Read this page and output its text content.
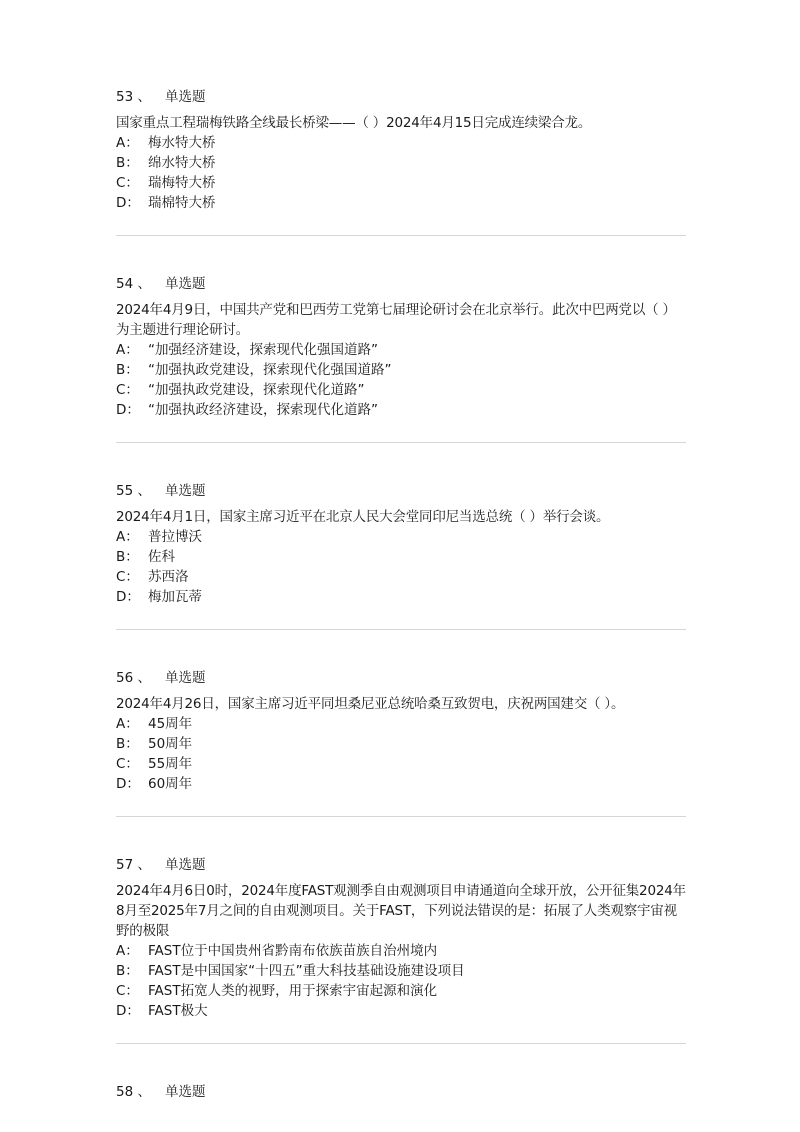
53 、 单选题
国家重点工程瑞梅铁路全线最长桥梁——（ ）2024年4月15日完成连续梁合龙。
A： 梅水特大桥
B： 绵水特大桥
C： 瑞梅特大桥
D： 瑞棉特大桥
54 、 单选题
2024年4月9日，中国共产党和巴西劳工党第七届理论研讨会在北京举行。此次中巴两党以（ ）为主题进行理论研讨。
A： “加强经济建设，探索现代化强国道路”
B： “加强执政党建设，探索现代化强国道路”
C： “加强执政党建设，探索现代化道路”
D： “加强执政经济建设，探索现代化道路”
55 、 单选题
2024年4月1日，国家主席习近平在北京人民大会堂同印尼当选总统（ ）举行会谈。
A： 普拉博沃
B： 佐科
C： 苏西洛
D： 梅加瓦蒂
56 、 单选题
2024年4月26日，国家主席习近平同坦桑尼亚总统哈桑互致贺电，庆祝两国建交（ ）。
A： 45周年
B： 50周年
C： 55周年
D： 60周年
57 、 单选题
2024年4月6日0时，2024年度FAST观测季自由观测项目申请通道向全球开放，公开征集2024年8月至2025年7月之间的自由观测项目。关于FAST，下列说法错误的是：拓展了人类观察宇宙视野的极限
A： FAST位于中国贵州省黔南布依族苗族自治州境内
B： FAST是中国国家“十四五”重大科技基础设施建设项目
C： FAST拓宽人类的视野，用于探索宇宙起源和演化
D： FAST极大
58 、 单选题
